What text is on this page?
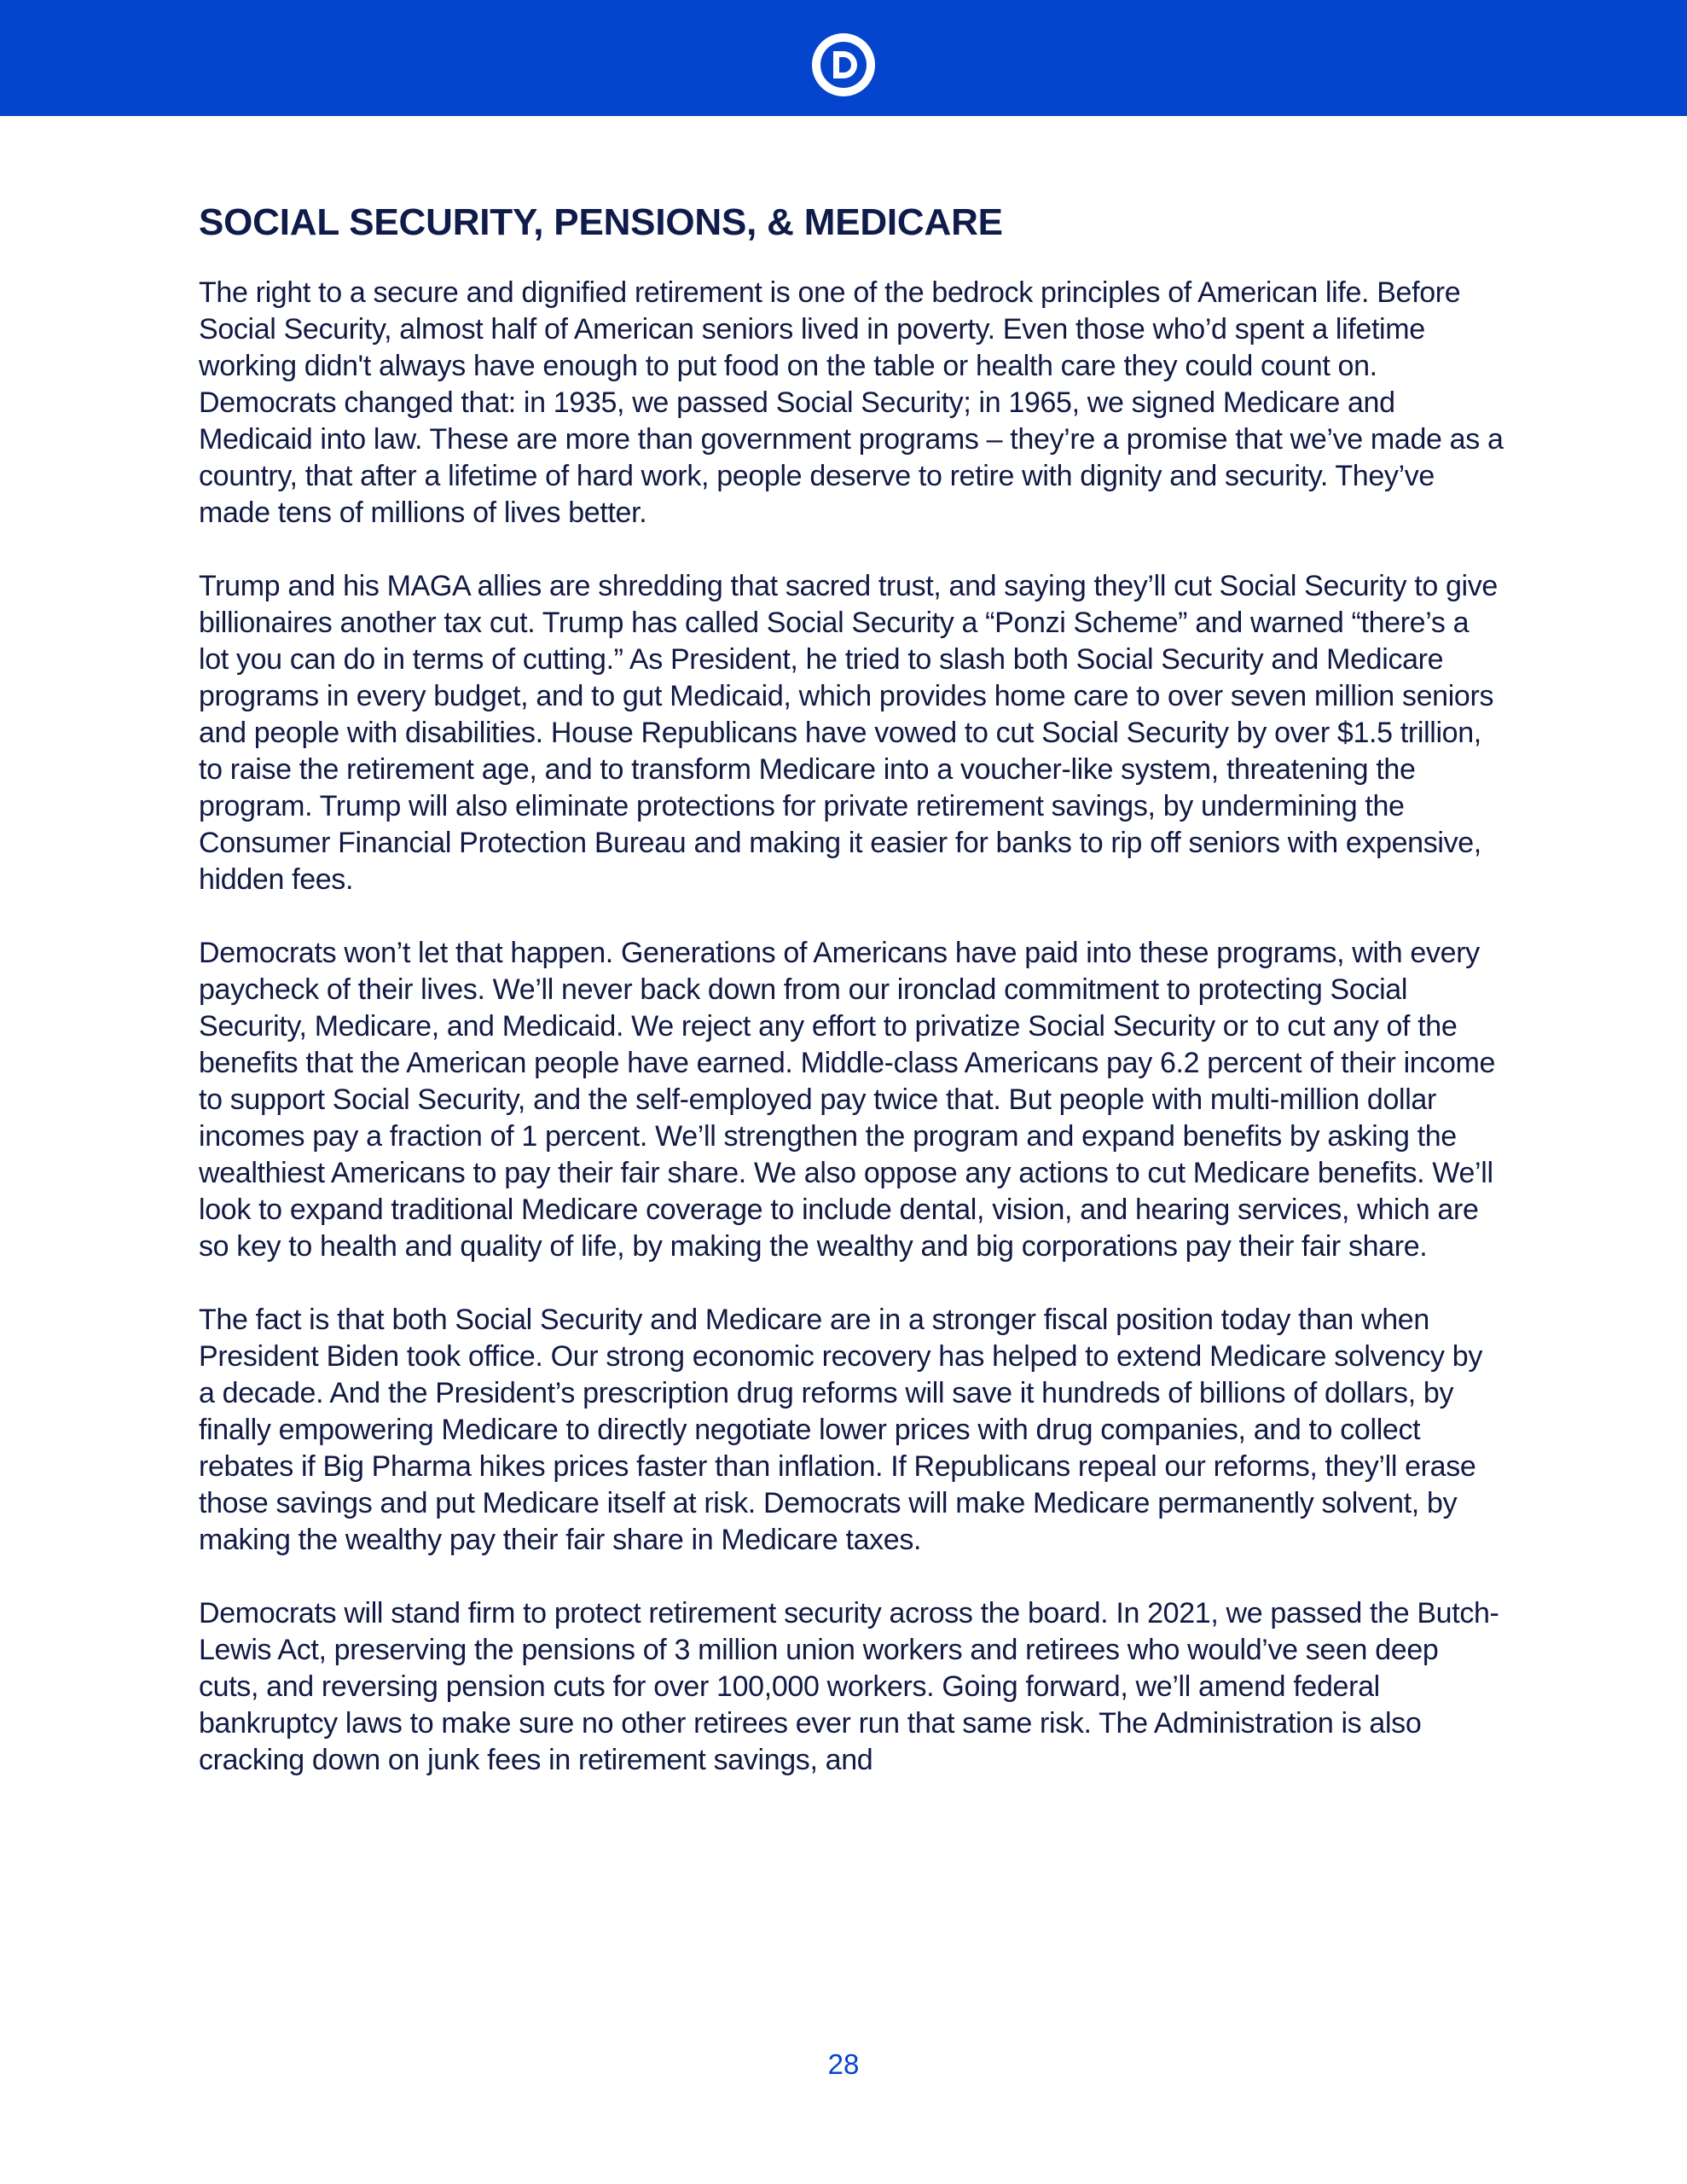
SOCIAL SECURITY, PENSIONS, & MEDICARE

The right to a secure and dignified retirement is one of the bedrock principles of American life. Before Social Security, almost half of American seniors lived in poverty. Even those who’d spent a lifetime working didn't always have enough to put food on the table or health care they could count on. Democrats changed that: in 1935, we passed Social Security; in 1965, we signed Medicare and Medicaid into law. These are more than government programs – they’re a promise that we’ve made as a country, that after a lifetime of hard work, people deserve to retire with dignity and security. They’ve made tens of millions of lives better.

Trump and his MAGA allies are shredding that sacred trust, and saying they’ll cut Social Security to give billionaires another tax cut. Trump has called Social Security a “Ponzi Scheme” and warned “there’s a lot you can do in terms of cutting.” As President, he tried to slash both Social Security and Medicare programs in every budget, and to gut Medicaid, which provides home care to over seven million seniors and people with disabilities. House Republicans have vowed to cut Social Security by over $1.5 trillion, to raise the retirement age, and to transform Medicare into a voucher-like system, threatening the program. Trump will also eliminate protections for private retirement savings, by undermining the Consumer Financial Protection Bureau and making it easier for banks to rip off seniors with expensive, hidden fees.

Democrats won’t let that happen. Generations of Americans have paid into these programs, with every paycheck of their lives. We’ll never back down from our ironclad commitment to protecting Social Security, Medicare, and Medicaid. We reject any effort to privatize Social Security or to cut any of the benefits that the American people have earned. Middle-class Americans pay 6.2 percent of their income to support Social Security, and the self-employed pay twice that. But people with multi-million dollar incomes pay a fraction of 1 percent. We’ll strengthen the program and expand benefits by asking the wealthiest Americans to pay their fair share. We also oppose any actions to cut Medicare benefits. We’ll look to expand traditional Medicare coverage to include dental, vision, and hearing services, which are so key to health and quality of life, by making the wealthy and big corporations pay their fair share.

The fact is that both Social Security and Medicare are in a stronger fiscal position today than when President Biden took office. Our strong economic recovery has helped to extend Medicare solvency by a decade. And the President’s prescription drug reforms will save it hundreds of billions of dollars, by finally empowering Medicare to directly negotiate lower prices with drug companies, and to collect rebates if Big Pharma hikes prices faster than inflation. If Republicans repeal our reforms, they’ll erase those savings and put Medicare itself at risk. Democrats will make Medicare permanently solvent, by making the wealthy pay their fair share in Medicare taxes.

Democrats will stand firm to protect retirement security across the board. In 2021, we passed the Butch-Lewis Act, preserving the pensions of 3 million union workers and retirees who would’ve seen deep cuts, and reversing pension cuts for over 100,000 workers. Going forward, we’ll amend federal bankruptcy laws to make sure no other retirees ever run that same risk. The Administration is also cracking down on junk fees in retirement savings, and

28
